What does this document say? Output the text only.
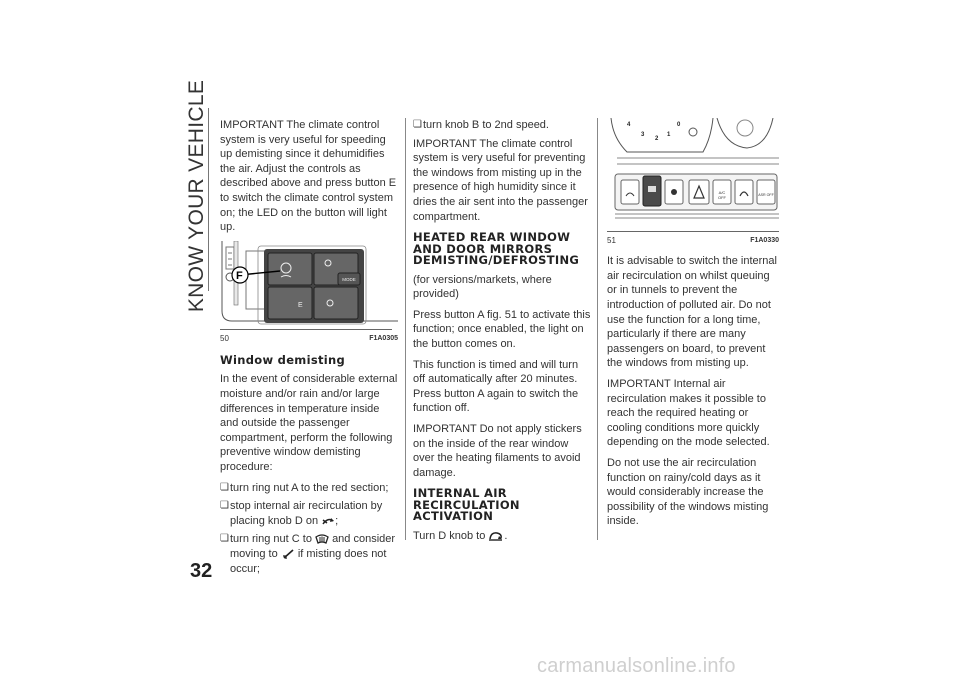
KNOW YOUR VEHICLE
32

IMPORTANT The climate control system is very useful for speeding up demisting since it dehumidifies the air. Adjust the controls as described above and press button E to switch the climate control system on; the LED on the button will light up.

MODE
E
F
50	F1A0305
Window demisting

In the event of considerable external moisture and/or rain and/or large differences in temperature inside and outside the passenger compartment, perform the following preventive window demisting procedure:

❏ turn ring nut A to the red section;
❏ stop internal air recirculation by placing knob D on ;
❏ turn ring nut C to and consider moving to if misting does not occur;
❏ turn knob B to 2nd speed.

IMPORTANT The climate control system is very useful for preventing the windows from misting up in the presence of high humidity since it dries the air sent into the passenger compartment.

HEATED REAR WINDOW AND DOOR MIRRORS DEMISTING/DEFROSTING

(for versions/markets, where provided)

Press button A fig. 51 to activate this function; once enabled, the light on the button comes on.

This function is timed and will turn off automatically after 20 minutes. Press button A again to switch the function off.

IMPORTANT Do not apply stickers on the inside of the rear window over the heating filaments to avoid damage.

INTERNAL AIR RECIRCULATION ACTIVATION

Turn D knob to .

4
3
2
1
0
A/C
OFF	ASR OFF
51	F1A0330

It is advisable to switch the internal air recirculation on whilst queuing or in tunnels to prevent the introduction of polluted air. Do not use the function for a long time, particularly if there are many passengers on board, to prevent the windows from misting up.

IMPORTANT Internal air recirculation makes it possible to reach the required heating or cooling conditions more quickly depending on the mode selected.

Do not use the air recirculation function on rainy/cold days as it would considerably increase the possibility of the windows misting inside.

carmanualsonline.info
